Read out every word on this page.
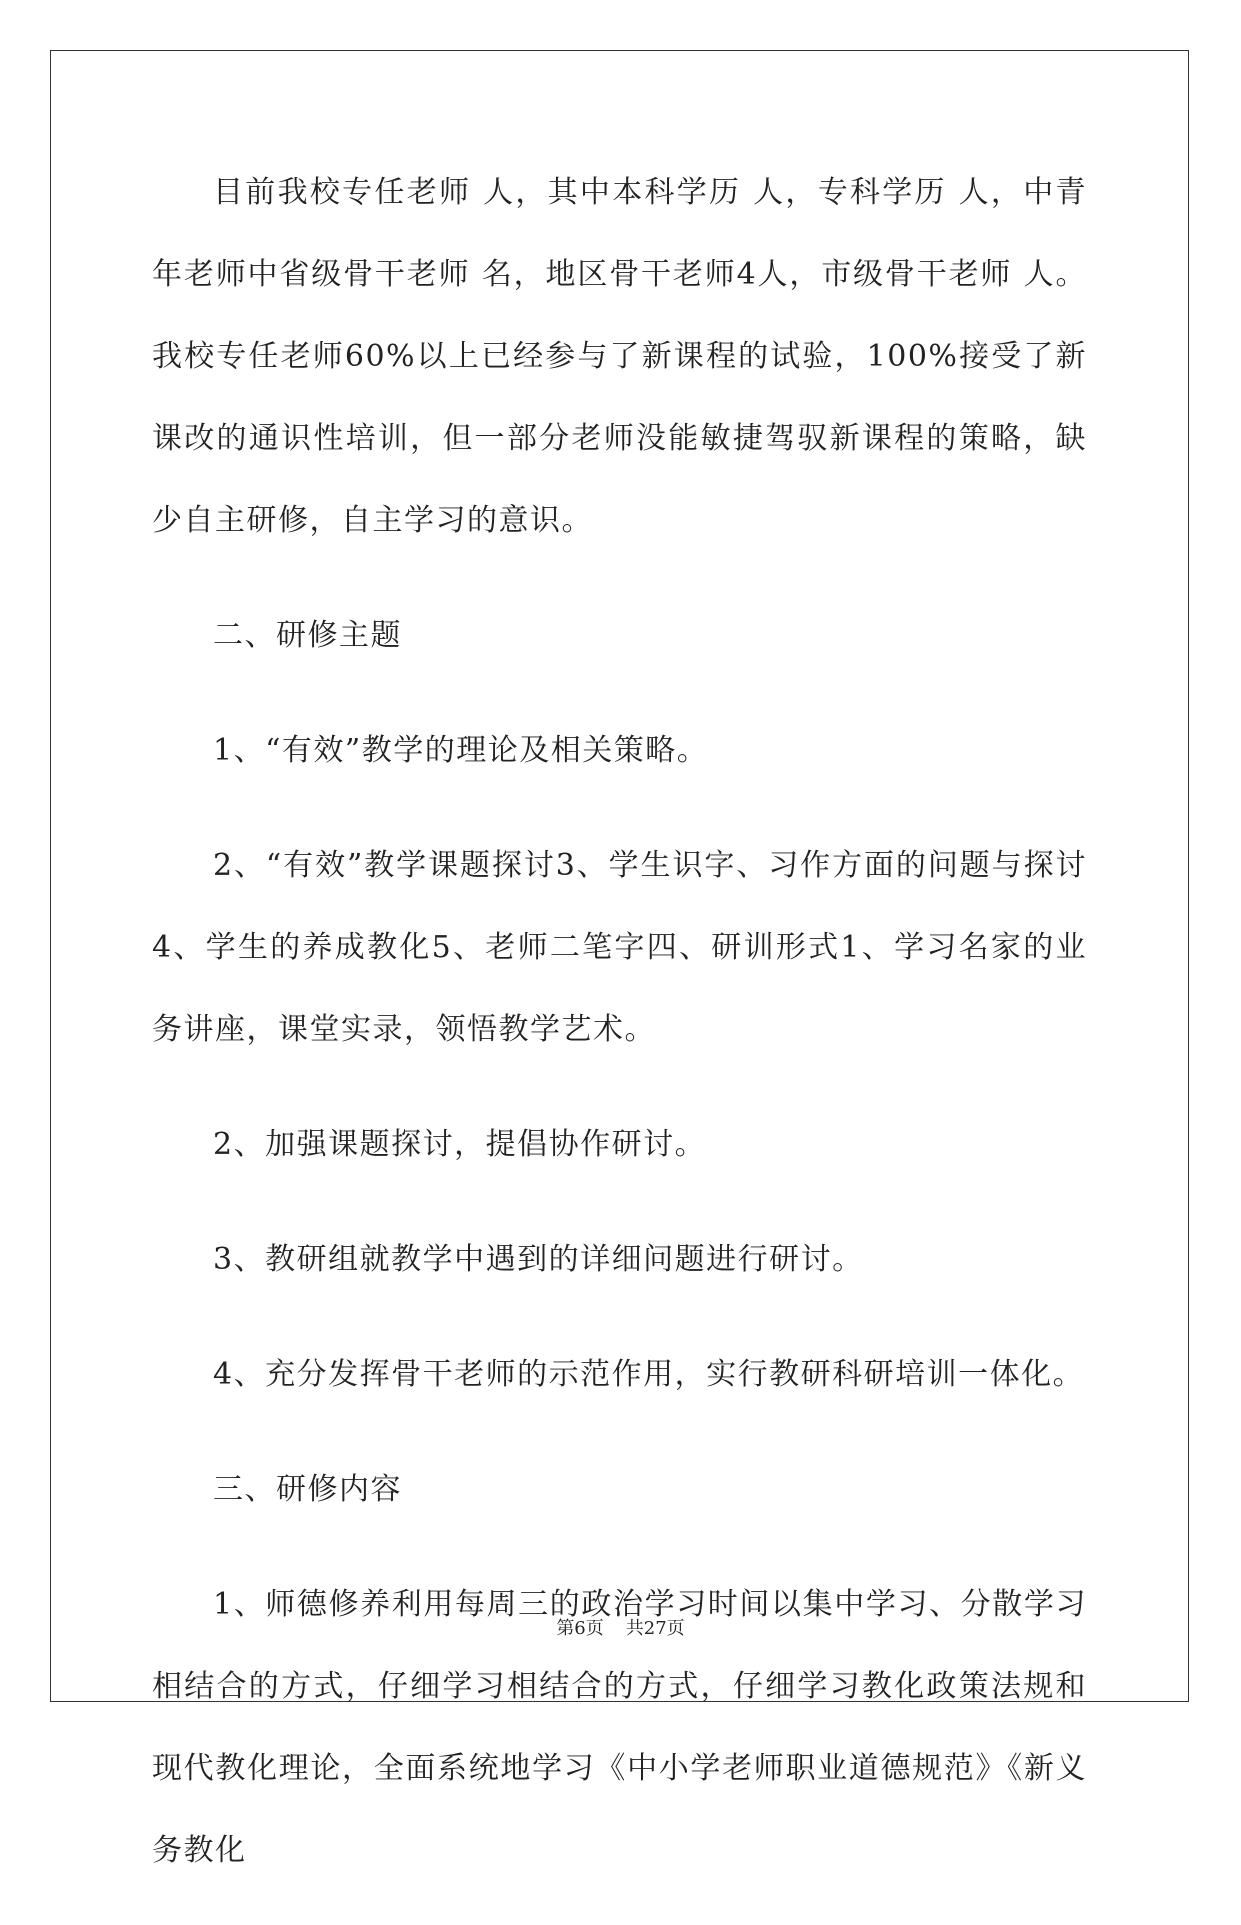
目前我校专任老师 人，其中本科学历 人，专科学历 人，中青年老师中省级骨干老师 名，地区骨干老师4人，市级骨干老师 人。我校专任老师60%以上已经参与了新课程的试验，100%接受了新课改的通识性培训，但一部分老师没能敏捷驾驭新课程的策略，缺少自主研修，自主学习的意识。

二、研修主题

1、“有效”教学的理论及相关策略。

2、“有效”教学课题探讨3、学生识字、习作方面的问题与探讨4、学生的养成教化5、老师二笔字四、研训形式1、学习名家的业务讲座，课堂实录，领悟教学艺术。

2、加强课题探讨，提倡协作研讨。

3、教研组就教学中遇到的详细问题进行研讨。

4、充分发挥骨干老师的示范作用，实行教研科研培训一体化。

三、研修内容

1、师德修养利用每周三的政治学习时间以集中学习、分散学习相结合的方式，仔细学习相结合的方式，仔细学习教化政策法规和现代教化理论，全面系统地学习《中小学老师职业道德规范》《新义务教化

第6页 共27页
